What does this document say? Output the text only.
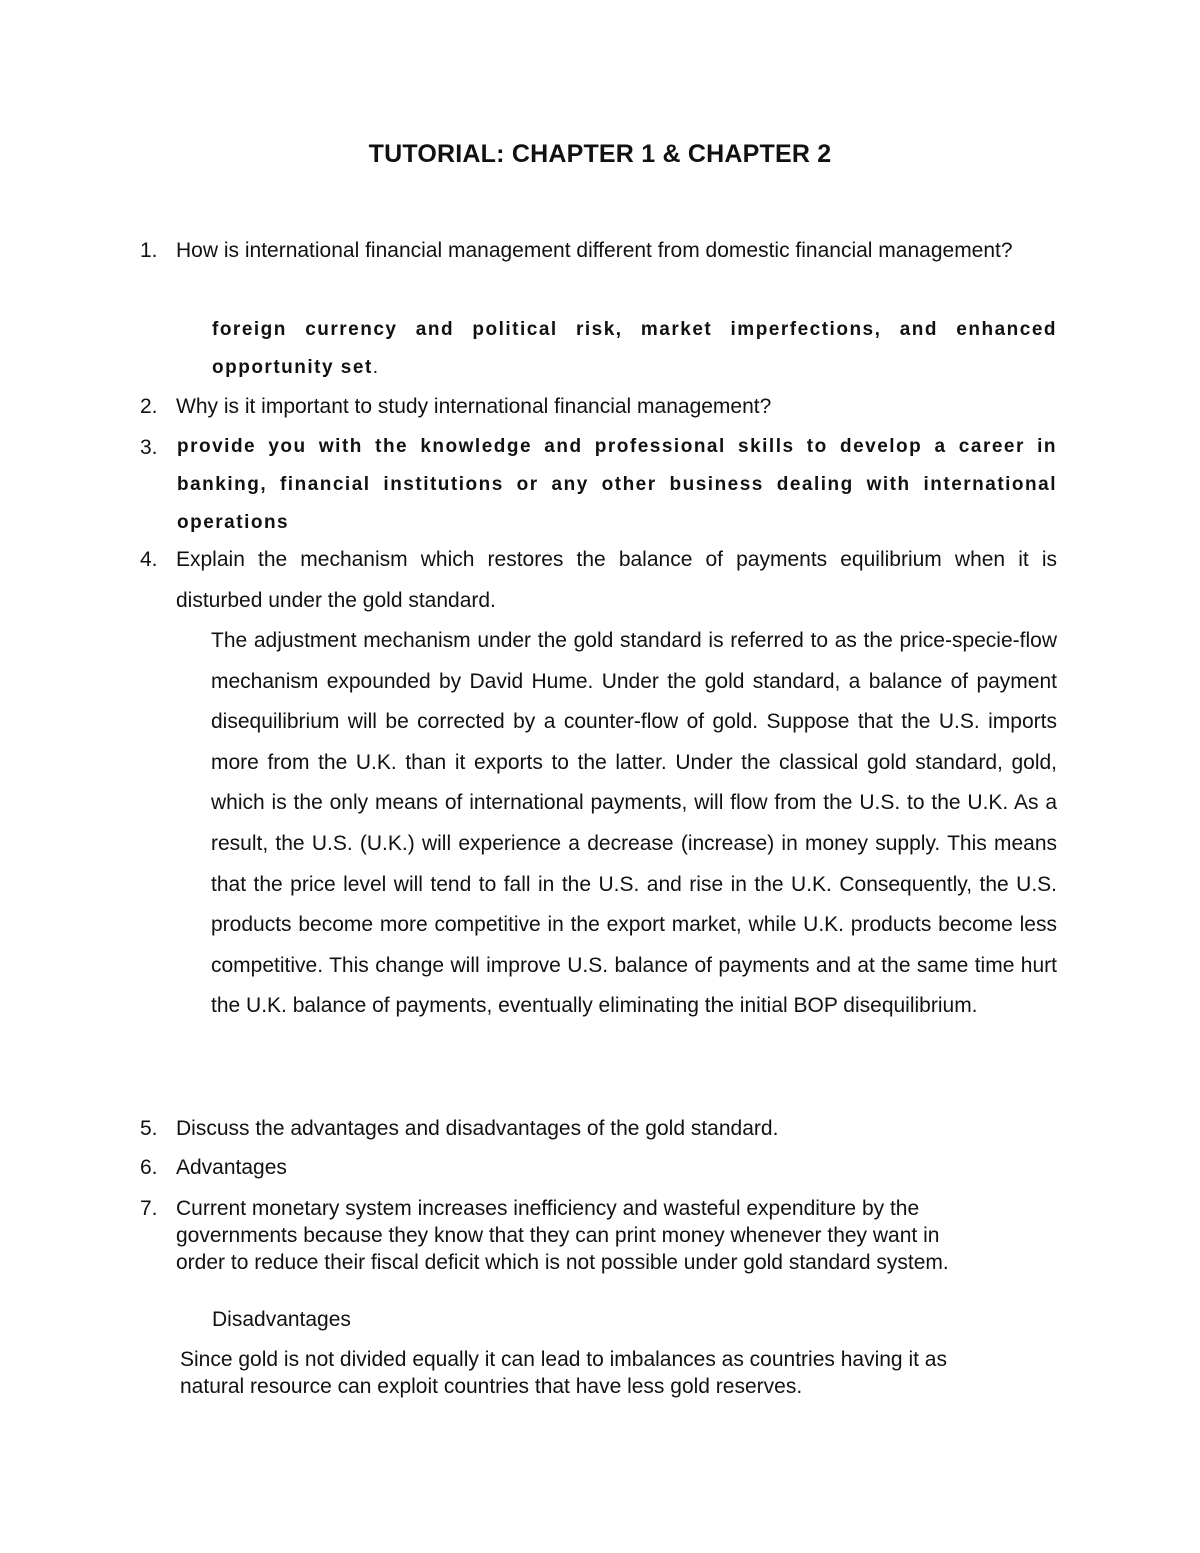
TUTORIAL: CHAPTER 1 & CHAPTER 2
1. How is international financial management different from domestic financial management?
foreign currency and political risk, market imperfections, and enhanced opportunity set.
2. Why is it important to study international financial management?
3.	provide you with the knowledge and professional skills to develop a career in banking, financial institutions or any other business dealing with international operations
4. Explain the mechanism which restores the balance of payments equilibrium when it is disturbed under the gold standard.
The adjustment mechanism under the gold standard is referred to as the price-specie-flow mechanism expounded by David Hume. Under the gold standard, a balance of payment disequilibrium will be corrected by a counter-flow of gold. Suppose that the U.S. imports more from the U.K. than it exports to the latter. Under the classical gold standard, gold, which is the only means of international payments, will flow from the U.S. to the U.K. As a result, the U.S. (U.K.) will experience a decrease (increase) in money supply. This means that the price level will tend to fall in the U.S. and rise in the U.K. Consequently, the U.S. products become more competitive in the export market, while U.K. products become less competitive. This change will improve U.S. balance of payments and at the same time hurt the U.K. balance of payments, eventually eliminating the initial BOP disequilibrium.
5. Discuss the advantages and disadvantages of the gold standard.
6. Advantages
7. Current monetary system increases inefficiency and wasteful expenditure by the
governments because they know that they can print money whenever they want in
order to reduce their fiscal deficit which is not possible under gold standard system.
Disadvantages
Since gold is not divided equally it can lead to imbalances as countries having it as
natural resource can exploit countries that have less gold reserves.
